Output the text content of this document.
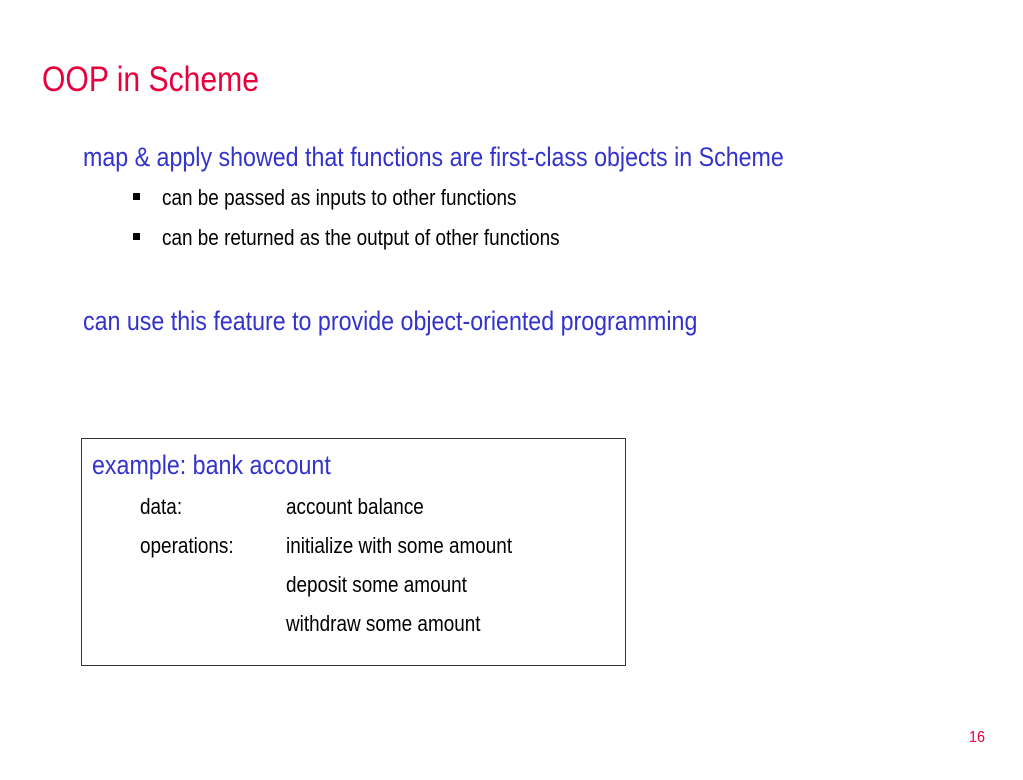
OOP in Scheme
map & apply showed that functions are first-class objects in Scheme
can be passed as inputs to other functions
can be returned as the output of other functions
can use this feature to provide object-oriented programming
example: bank account
data:	account balance
operations: initialize with some amount
deposit some amount
withdraw some amount
16
